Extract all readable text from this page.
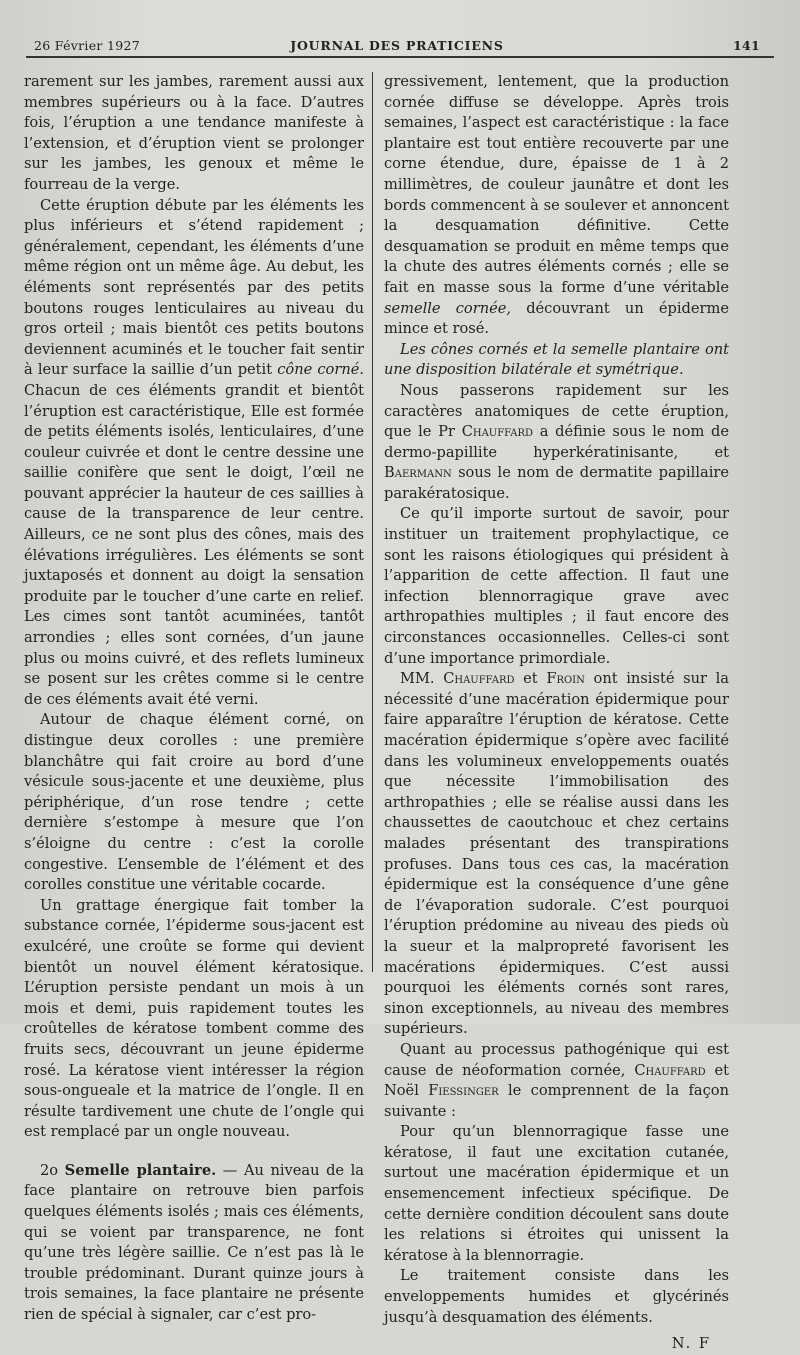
26 Février 1927	JOURNAL DES PRATICIENS	141

rarement sur les jambes, rarement aussi aux membres supérieurs ou à la face. D’autres fois, l’éruption a une tendance manifeste à l’extension, et d’éruption vient se prolonger sur les jambes, les genoux et même le fourreau de la verge.

Cette éruption débute par les éléments les plus inférieurs et s’étend rapidement ; généralement, cependant, les éléments d’une même région ont un même âge. Au debut, les éléments sont représentés par des petits boutons rouges lenticulaires au niveau du gros orteil ; mais bientôt ces petits boutons deviennent acuminés et le toucher fait sentir à leur surface la saillie d’un petit cône corné. Chacun de ces éléments grandit et bientôt l’éruption est caractéristique, Elle est formée de petits éléments isolés, lenticulaires, d’une couleur cuivrée et dont le centre dessine une saillie conifère que sent le doigt, l’œil ne pouvant apprécier la hauteur de ces saillies à cause de la transparence de leur centre. Ailleurs, ce ne sont plus des cônes, mais des élévations irrégulières. Les éléments se sont juxtaposés et donnent au doigt la sensation produite par le toucher d’une carte en relief. Les cimes sont tantôt acuminées, tantôt arrondies ; elles sont cornées, d’un jaune plus ou moins cuivré, et des reflets lumineux se posent sur les crêtes comme si le centre de ces éléments avait été verni.

Autour de chaque élément corné, on distingue deux corolles : une première blanchâtre qui fait croire au bord d’une vésicule sous-jacente et une deuxième, plus périphérique, d’un rose tendre ; cette dernière s’estompe à mesure que l’on s’éloigne du centre : c’est la corolle congestive. L’ensemble de l’élément et des corolles constitue une véritable cocarde.

Un grattage énergique fait tomber la substance cornée, l’épiderme sous-jacent est exulcéré, une croûte se forme qui devient bientôt un nouvel élément kératosique. L’éruption persiste pendant un mois à un mois et demi, puis rapidement toutes les croûtelles de kératose tombent comme des fruits secs, découvrant un jeune épiderme rosé. La kératose vient intéresser la région sous-ongueale et la matrice de l’ongle. Il en résulte tardivement une chute de l’ongle qui est remplacé par un ongle nouveau.

2o Semelle plantaire. — Au niveau de la face plantaire on retrouve bien parfois quelques éléments isolés ; mais ces éléments, qui se voient par transparence, ne font qu’une très légère saillie. Ce n’est pas là le trouble prédominant. Durant quinze jours à trois semaines, la face plantaire ne présente rien de spécial à signaler, car c’est pro-

gressivement, lentement, que la production cornée diffuse se développe. Après trois semaines, l’aspect est caractéristique : la face plantaire est tout entière recouverte par une corne étendue, dure, épaisse de 1 à 2 millimètres, de couleur jaunâtre et dont les bords commencent à se soulever et annoncent la desquamation définitive. Cette desquamation se produit en même temps que la chute des autres éléments cornés ; elle se fait en masse sous la forme d’une véritable semelle cornée, découvrant un épiderme mince et rosé.

Les cônes cornés et la semelle plantaire ont une disposition bilatérale et symétrique.

Nous passerons rapidement sur les caractères anatomiques de cette éruption, que le Pr Chauffard a définie sous le nom de dermo-papillite hyperkératinisante, et Baermann sous le nom de dermatite papillaire parakératosique.

Ce qu’il importe surtout de savoir, pour instituer un traitement prophylactique, ce sont les raisons étiologiques qui président à l’apparition de cette affection. Il faut une infection blennorragique grave avec arthropathies multiples ; il faut encore des circonstances occasionnelles. Celles-ci sont d’une importance primordiale.

MM. Chauffard et Froin ont insisté sur la nécessité d’une macération épidermique pour faire apparaître l’éruption de kératose. Cette macération épidermique s’opère avec facilité dans les volumineux enveloppements ouatés que nécessite l’immobilisation des arthropathies ; elle se réalise aussi dans les chaussettes de caoutchouc et chez certains malades présentant des transpirations profuses. Dans tous ces cas, la macération épidermique est la conséquence d’une gêne de l’évaporation sudorale. C’est pourquoi l’éruption prédomine au niveau des pieds où la sueur et la malpropreté favorisent les macérations épidermiques. C’est aussi pourquoi les éléments cornés sont rares, sinon exceptionnels, au niveau des membres supérieurs.

Quant au processus pathogénique qui est cause de néoformation cornée, Chauffard et Noël Fiessinger le comprennent de la façon suivante :

Pour qu’un blennorragique fasse une kératose, il faut une excitation cutanée, surtout une macération épidermique et un ensemencement infectieux spécifique. De cette dernière condition découlent sans doute les relations si étroites qui unissent la kératose à la blennorragie.

Le traitement consiste dans les enveloppements humides et glycérinés jusqu’à desquamation des éléments.

N. F
